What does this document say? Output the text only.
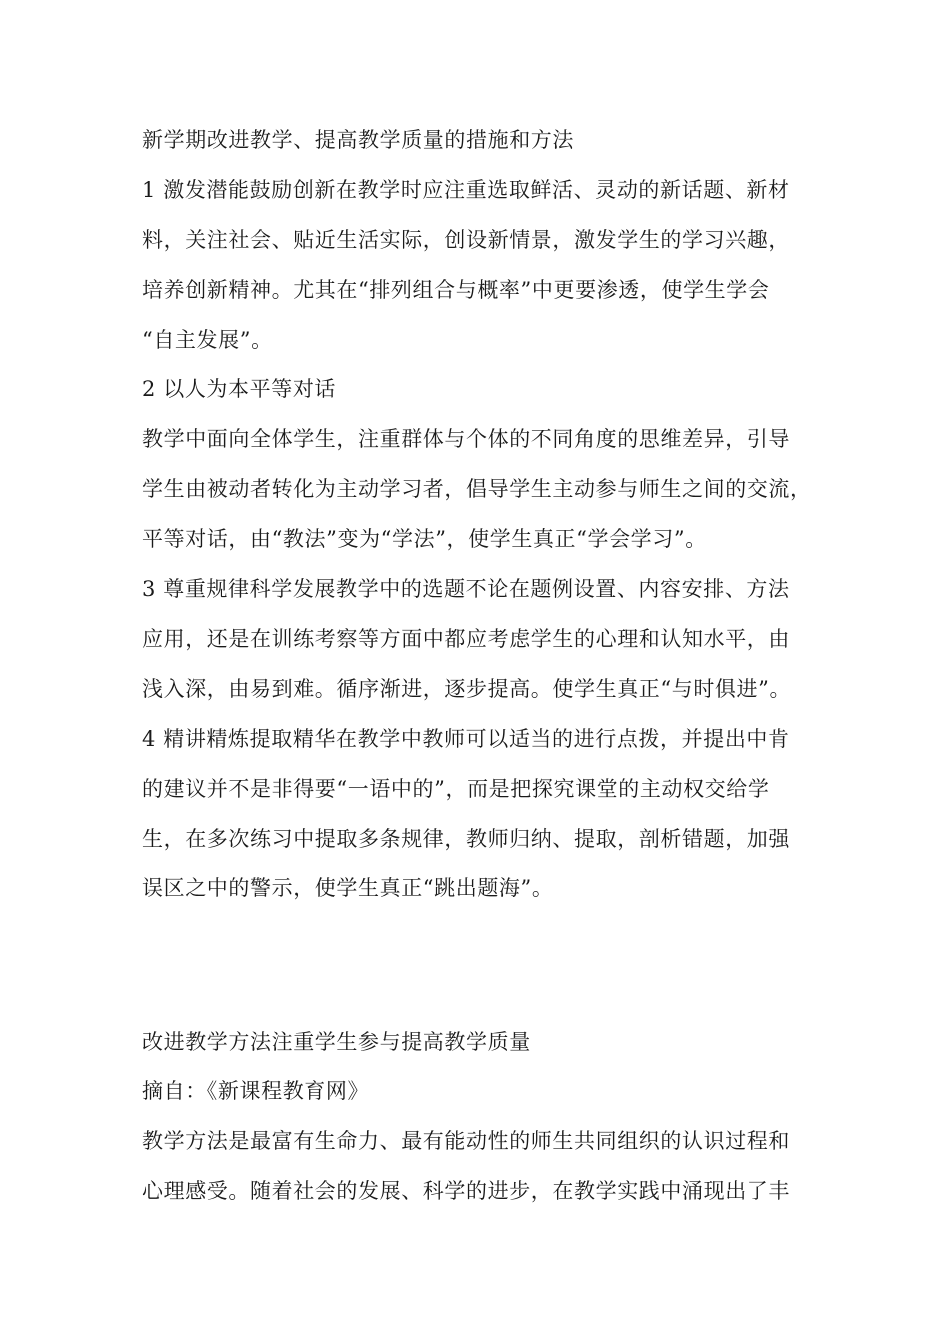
新学期改进教学、提高教学质量的措施和方法
1 激发潜能鼓励创新在教学时应注重选取鲜活、灵动的新话题、新材
料，关注社会、贴近生活实际，创设新情景，激发学生的学习兴趣，
培养创新精神。尤其在“排列组合与概率”中更要渗透，使学生学会
“自主发展”。
2 以人为本平等对话
教学中面向全体学生，注重群体与个体的不同角度的思维差异，引导
学生由被动者转化为主动学习者，倡导学生主动参与师生之间的交流，
平等对话，由“教法”变为“学法”，使学生真正“学会学习”。
3 尊重规律科学发展教学中的选题不论在题例设置、内容安排、方法
应用，还是在训练考察等方面中都应考虑学生的心理和认知水平，由
浅入深，由易到难。循序渐进，逐步提高。使学生真正“与时俱进”。
4 精讲精炼提取精华在教学中教师可以适当的进行点拨，并提出中肯
的建议并不是非得要“一语中的”，而是把探究课堂的主动权交给学
生，在多次练习中提取多条规律，教师归纳、提取，剖析错题，加强
误区之中的警示，使学生真正“跳出题海”。
改进教学方法注重学生参与提高教学质量
摘自：《新课程教育网》
教学方法是最富有生命力、最有能动性的师生共同组织的认识过程和
心理感受。随着社会的发展、科学的进步，在教学实践中涌现出了丰
